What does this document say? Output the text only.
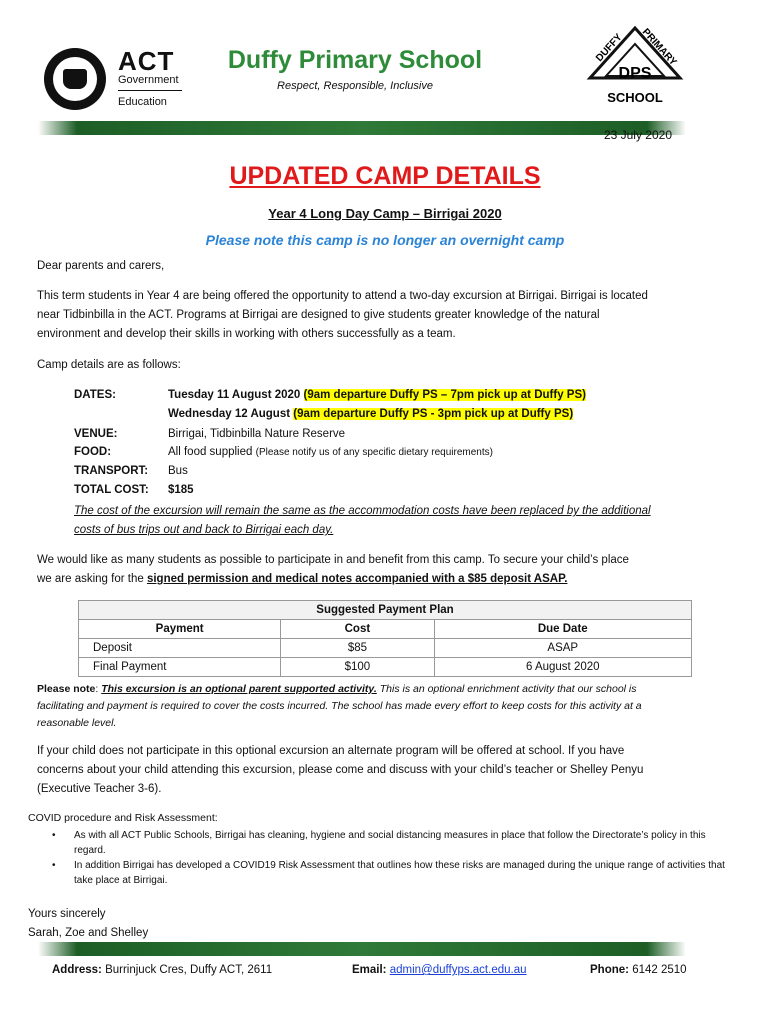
ACT
Government
Education
Duffy Primary School
Respect, Responsible, Inclusive
DUFFY PRIMARY
DPS
SCHOOL
23 July 2020
UPDATED CAMP DETAILS
Year 4 Long Day Camp – Birrigai 2020
Please note this camp is no longer an overnight camp
Dear parents and carers,
This term students in Year 4 are being offered the opportunity to attend a two-day excursion at Birrigai. Birrigai is located
near Tidbinbilla in the ACT. Programs at Birrigai are designed to give students greater knowledge of the natural
environment and develop their skills in working with others successfully as a team.
Camp details are as follows:
DATES:	Tuesday 11 August 2020 (9am departure Duffy PS – 7pm pick up at Duffy PS)
Wednesday 12 August (9am departure Duffy PS - 3pm pick up at Duffy PS)
VENUE:	Birrigai, Tidbinbilla Nature Reserve
FOOD:	All food supplied (Please notify us of any specific dietary requirements)
TRANSPORT: Bus
TOTAL COST: $185
The cost of the excursion will remain the same as the accommodation costs have been replaced by the additional
costs of bus trips out and back to Birrigai each day.
We would like as many students as possible to participate in and benefit from this camp. To secure your child’s place
we are asking for the signed permission and medical notes accompanied with a $85 deposit ASAP.
Suggested Payment Plan		
Payment	Cost	Due Date
Deposit	$85	ASAP
Final Payment	$100	6 August 2020
Please note: This excursion is an optional parent supported activity. This is an optional enrichment activity that our school is
facilitating and payment is required to cover the costs incurred. The school has made every effort to keep costs for this activity at a
reasonable level.
If your child does not participate in this optional excursion an alternate program will be offered at school. If you have
concerns about your child attending this excursion, please come and discuss with your child’s teacher or Shelley Penyu
(Executive Teacher 3-6).
COVID procedure and Risk Assessment:
• As with all ACT Public Schools, Birrigai has cleaning, hygiene and social distancing measures in place that follow the Directorate’s policy in this regard.
• In addition Birrigai has developed a COVID19 Risk Assessment that outlines how these risks are managed during the unique range of activities that take place at Birrigai.
Yours sincerely
Sarah, Zoe and Shelley
Address: Burrinjuck Cres, Duffy ACT, 2611	Email: admin@duffyps.act.edu.au	Phone: 6142 2510
